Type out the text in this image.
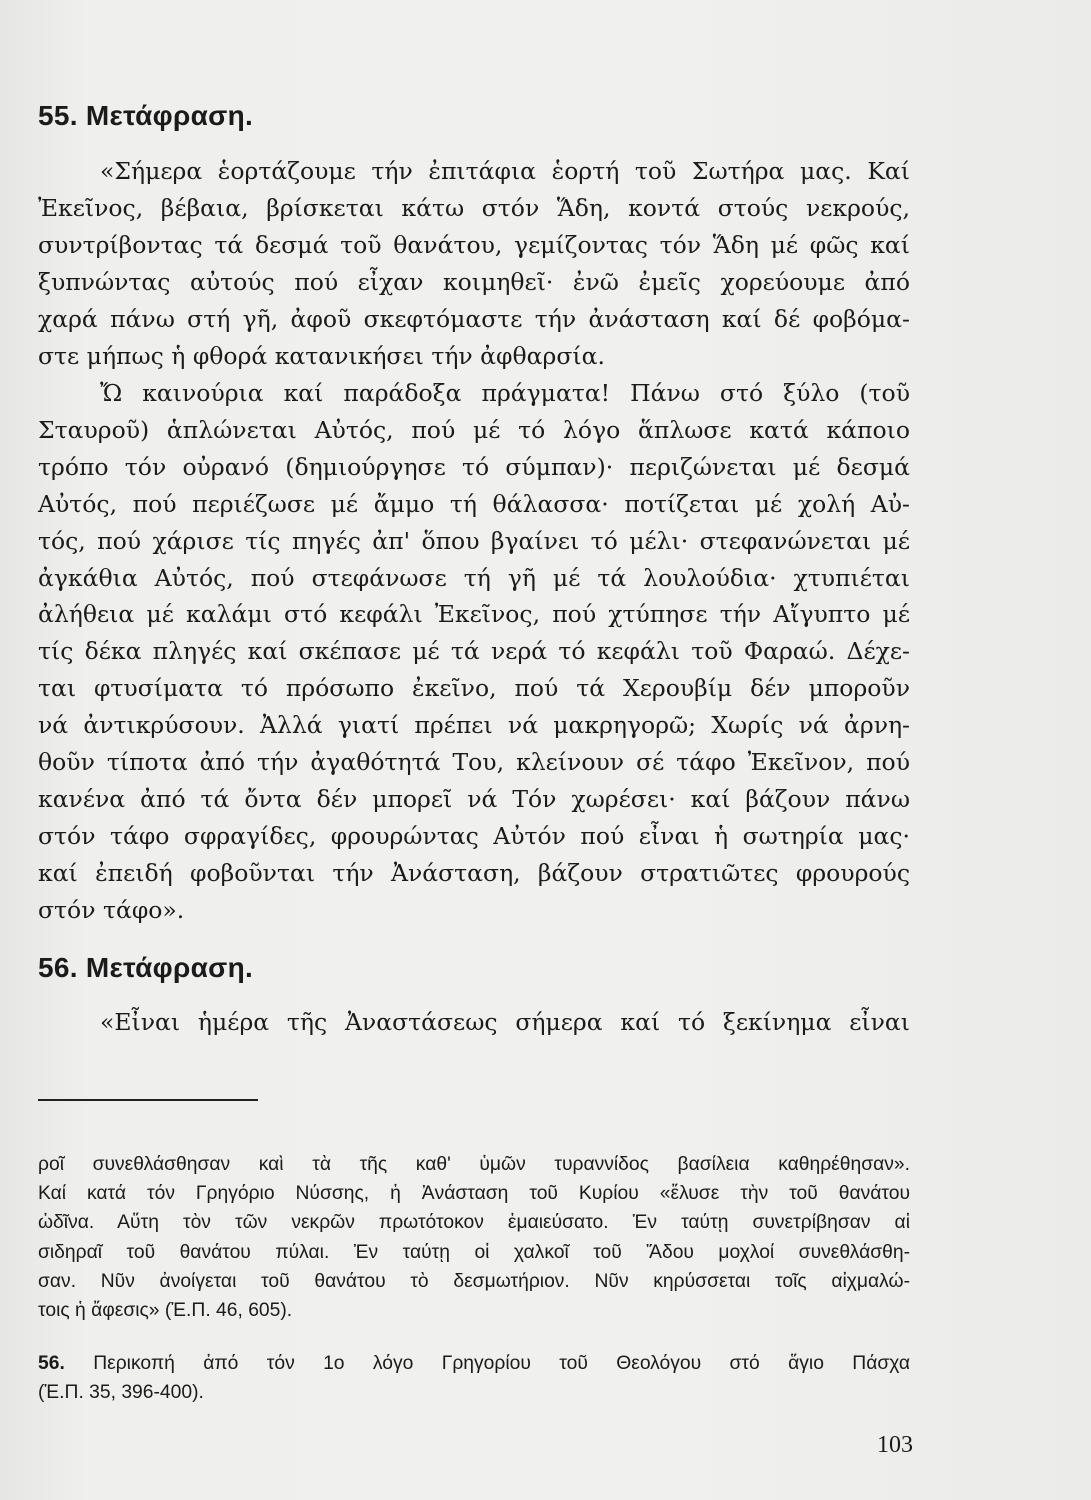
55. Μετάφραση.
«Σήμερα ἑορτάζουμε τήν ἐπιτάφια ἑορτή τοῦ Σωτήρα μας. Καί
Ἐκεῖνος, βέβαια, βρίσκεται κάτω στόν Ἅδη, κοντά στούς νεκρούς,
συντρίβοντας τά δεσμά τοῦ θανάτου, γεμίζοντας τόν Ἅδη μέ φῶς καί
ξυπνώντας αὐτούς πού εἶχαν κοιμηθεῖ· ἐνῶ ἐμεῖς χορεύουμε ἀπό
χαρά πάνω στή γῆ, ἀφοῦ σκεφτόμαστε τήν ἀνάσταση καί δέ φοβόμα-
στε μήπως ἡ φθορά κατανικήσει τήν ἀφθαρσία.
Ὤ καινούρια καί παράδοξα πράγματα! Πάνω στό ξύλο (τοῦ
Σταυροῦ) ἁπλώνεται Αὐτός, πού μέ τό λόγο ἅπλωσε κατά κάποιο
τρόπο τόν οὐρανό (δημιούργησε τό σύμπαν)· περιζώνεται μέ δεσμά
Αὐτός, πού περιέζωσε μέ ἄμμο τή θάλασσα· ποτίζεται μέ χολή Αὐ-
τός, πού χάρισε τίς πηγές ἀπ' ὅπου βγαίνει τό μέλι· στεφανώνεται μέ
ἀγκάθια Αὐτός, πού στεφάνωσε τή γῆ μέ τά λουλούδια· χτυπιέται
ἀλήθεια μέ καλάμι στό κεφάλι Ἐκεῖνος, πού χτύπησε τήν Αἴγυπτο μέ
τίς δέκα πληγές καί σκέπασε μέ τά νερά τό κεφάλι τοῦ Φαραώ. Δέχε-
ται φτυσίματα τό πρόσωπο ἐκεῖνο, πού τά Χερουβίμ δέν μποροῦν
νά ἀντικρύσουν. Ἀλλά γιατί πρέπει νά μακρηγορῶ; Χωρίς νά ἀρνη-
θοῦν τίποτα ἀπό τήν ἀγαθότητά Του, κλείνουν σέ τάφο Ἐκεῖνον, πού
κανένα ἀπό τά ὄντα δέν μπορεῖ νά Τόν χωρέσει· καί βάζουν πάνω
στόν τάφο σφραγίδες, φρουρώντας Αὐτόν πού εἶναι ἡ σωτηρία μας·
καί ἐπειδή φοβοῦνται τήν Ἀνάσταση, βάζουν στρατιῶτες φρουρούς
στόν τάφο».
56. Μετάφραση.
«Εἶναι ἡμέρα τῆς Ἀναστάσεως σήμερα καί τό ξεκίνημα εἶναι
ροῖ συνεθλάσθησαν καὶ τὰ τῆς καθ' ὑμῶν τυραννίδος βασίλεια καθηρέθησαν».
Καί κατά τόν Γρηγόριο Νύσσης, ἡ Ἀνάσταση τοῦ Κυρίου «ἔλυσε τὴν τοῦ θανάτου
ὠδῖνα. Αὕτη τὸν τῶν νεκρῶν πρωτότοκον ἐμαιεύσατο. Ἐν ταύτῃ συνετρίβησαν αἱ
σιδηραῖ τοῦ θανάτου πύλαι. Ἐν ταύτῃ οἱ χαλκοῖ τοῦ Ἅδου μοχλοί συνεθλάσθη-
σαν. Νῦν ἀνοίγεται τοῦ θανάτου τὸ δεσμωτήριον. Νῦν κηρύσσεται τοῖς αἰχμαλώ-
τοις ἡ ἄφεσις» (Ἐ.Π. 46, 605).
56. Περικοπή ἀπό τόν 1ο λόγο Γρηγορίου τοῦ Θεολόγου στό ἅγιο Πάσχα
(Ἐ.Π. 35, 396-400).
103
